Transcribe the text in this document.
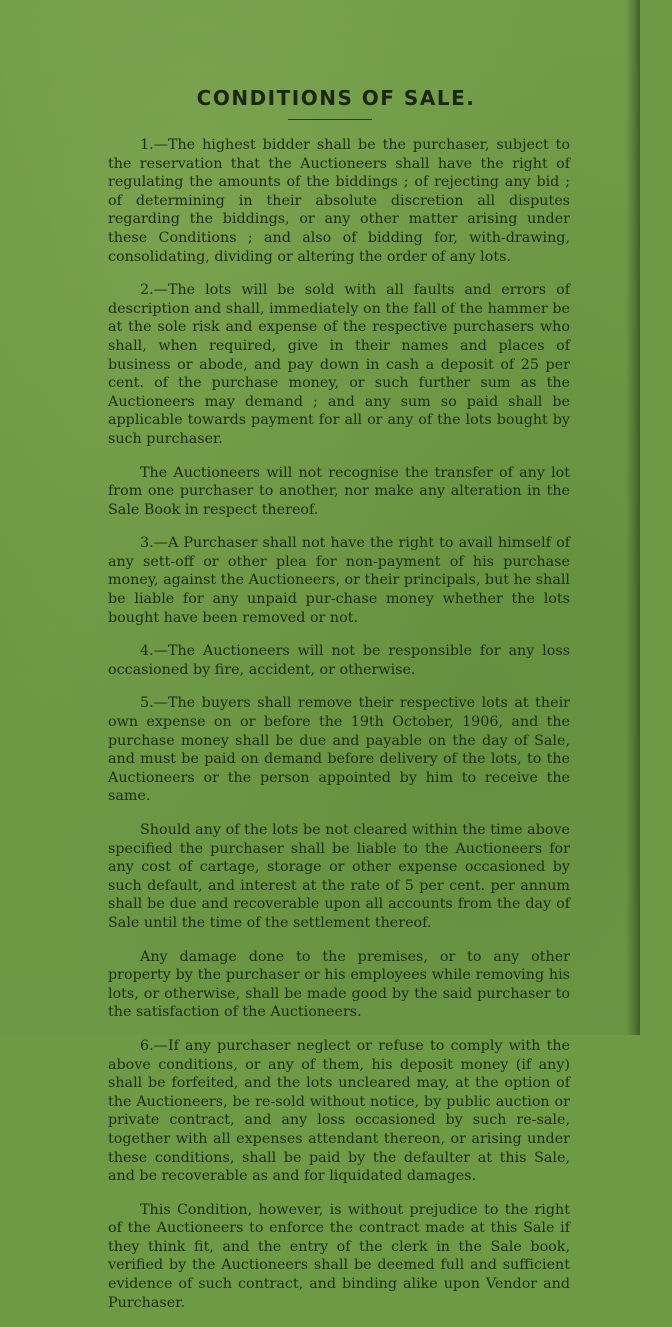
CONDITIONS OF SALE.

1.—The highest bidder shall be the purchaser, subject to the reservation that the Auctioneers shall have the right of regulating the amounts of the biddings ; of rejecting any bid ; of determining in their absolute discretion all disputes regarding the biddings, or any other matter arising under these Conditions ; and also of bidding for, with-drawing, consolidating, dividing or altering the order of any lots.

2.—The lots will be sold with all faults and errors of description and shall, immediately on the fall of the hammer be at the sole risk and expense of the respective purchasers who shall, when required, give in their names and places of business or abode, and pay down in cash a deposit of 25 per cent. of the purchase money, or such further sum as the Auctioneers may demand ; and any sum so paid shall be applicable towards payment for all or any of the lots bought by such purchaser.

The Auctioneers will not recognise the transfer of any lot from one purchaser to another, nor make any alteration in the Sale Book in respect thereof.

3.—A Purchaser shall not have the right to avail himself of any sett-off or other plea for non-payment of his purchase money, against the Auctioneers, or their principals, but he shall be liable for any unpaid pur-chase money whether the lots bought have been removed or not.

4.—The Auctioneers will not be responsible for any loss occasioned by fire, accident, or otherwise.

5.—The buyers shall remove their respective lots at their own expense on or before the 19th October, 1906, and the purchase money shall be due and payable on the day of Sale, and must be paid on demand before delivery of the lots, to the Auctioneers or the person appointed by him to receive the same.

Should any of the lots be not cleared within the time above specified the purchaser shall be liable to the Auctioneers for any cost of cartage, storage or other expense occasioned by such default, and interest at the rate of 5 per cent. per annum shall be due and recoverable upon all accounts from the day of Sale until the time of the settlement thereof.

Any damage done to the premises, or to any other property by the purchaser or his employees while removing his lots, or otherwise, shall be made good by the said purchaser to the satisfaction of the Auctioneers.

6.—If any purchaser neglect or refuse to comply with the above conditions, or any of them, his deposit money (if any) shall be forfeited, and the lots uncleared may, at the option of the Auctioneers, be re-sold without notice, by public auction or private contract, and any loss occasioned by such re-sale, together with all expenses attendant thereon, or arising under these conditions, shall be paid by the defaulter at this Sale, and be recoverable as and for liquidated damages.

This Condition, however, is without prejudice to the right of the Auctioneers to enforce the contract made at this Sale if they think fit, and the entry of the clerk in the Sale book, verified by the Auctioneers shall be deemed full and sufficient evidence of such contract, and binding alike upon Vendor and Purchaser.
